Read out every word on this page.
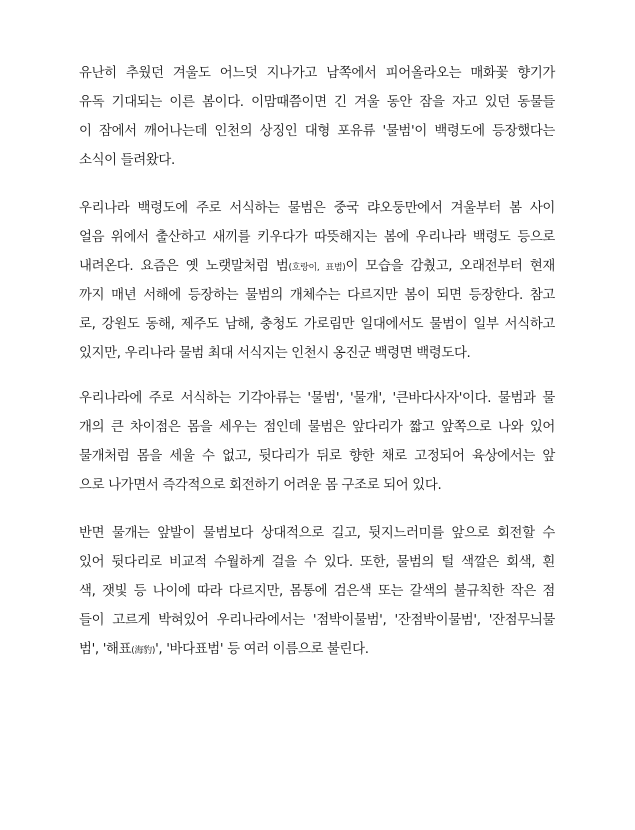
유난히 추웠던 겨울도 어느덧 지나가고 남쪽에서 피어올라오는 매화꽃 향기가
유독 기대되는 이른 봄이다. 이맘때쯤이면 긴 겨울 동안 잠을 자고 있던 동물들
이 잠에서 깨어나는데 인천의 상징인 대형 포유류 '물범'이 백령도에 등장했다는
소식이 들려왔다.

우리나라 백령도에 주로 서식하는 물범은 중국 랴오둥만에서 겨울부터 봄 사이
얼음 위에서 출산하고 새끼를 키우다가 따뜻해지는 봄에 우리나라 백령도 등으로
내려온다. 요즘은 옛 노랫말처럼 범(호랑이, 표범)이 모습을 감췄고, 오래전부터 현재
까지 매년 서해에 등장하는 물범의 개체수는 다르지만 봄이 되면 등장한다. 참고
로, 강원도 동해, 제주도 남해, 충청도 가로림만 일대에서도 물범이 일부 서식하고
있지만, 우리나라 물범 최대 서식지는 인천시 옹진군 백령면 백령도다.

우리나라에 주로 서식하는 기각아류는 '물범', '물개', '큰바다사자'이다. 물범과 물
개의 큰 차이점은 몸을 세우는 점인데 물범은 앞다리가 짧고 앞쪽으로 나와 있어
물개처럼 몸을 세울 수 없고, 뒷다리가 뒤로 향한 채로 고정되어 육상에서는 앞
으로 나가면서 즉각적으로 회전하기 어려운 몸 구조로 되어 있다.

반면 물개는 앞발이 물범보다 상대적으로 길고, 뒷지느러미를 앞으로 회전할 수
있어 뒷다리로 비교적 수월하게 걸을 수 있다. 또한, 물범의 털 색깔은 회색, 흰
색, 잿빛 등 나이에 따라 다르지만, 몸통에 검은색 또는 갈색의 불규칙한 작은 점
들이 고르게 박혀있어 우리나라에서는 '점박이물범', '잔점박이물범', '잔점무늬물
범', '해표(海豹)', '바다표범' 등 여러 이름으로 불린다.
